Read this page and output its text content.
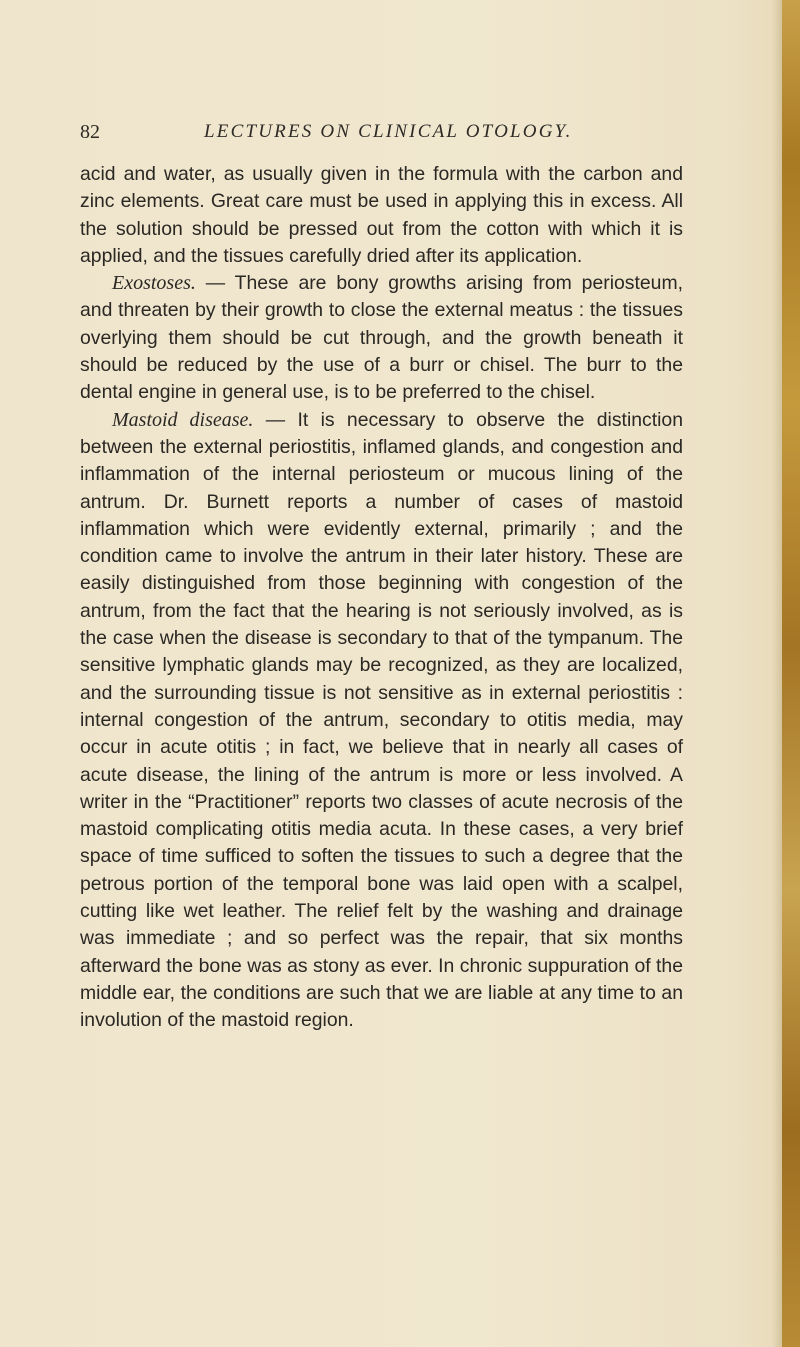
82	LECTURES ON CLINICAL OTOLOGY.

acid and water, as usually given in the formula with the carbon and zinc elements. Great care must be used in applying this in excess. All the solution should be pressed out from the cotton with which it is applied, and the tissues carefully dried after its application.

Exostoses. — These are bony growths arising from periosteum, and threaten by their growth to close the external meatus : the tissues overlying them should be cut through, and the growth beneath it should be reduced by the use of a burr or chisel. The burr to the dental engine in general use, is to be preferred to the chisel.

Mastoid disease. — It is necessary to observe the distinction between the external periostitis, inflamed glands, and congestion and inflammation of the internal periosteum or mucous lining of the antrum. Dr. Burnett reports a number of cases of mastoid inflammation which were evidently external, primarily ; and the condition came to involve the antrum in their later history. These are easily distinguished from those beginning with congestion of the antrum, from the fact that the hearing is not seriously involved, as is the case when the disease is secondary to that of the tympanum. The sensitive lymphatic glands may be recognized, as they are localized, and the surrounding tissue is not sensitive as in external periostitis : internal congestion of the antrum, secondary to otitis media, may occur in acute otitis ; in fact, we believe that in nearly all cases of acute disease, the lining of the antrum is more or less involved. A writer in the “Practitioner” reports two classes of acute necrosis of the mastoid complicating otitis media acuta. In these cases, a very brief space of time sufficed to soften the tissues to such a degree that the petrous portion of the temporal bone was laid open with a scalpel, cutting like wet leather. The relief felt by the washing and drainage was immediate ; and so perfect was the repair, that six months afterward the bone was as stony as ever. In chronic suppuration of the middle ear, the conditions are such that we are liable at any time to an involution of the mastoid region.
